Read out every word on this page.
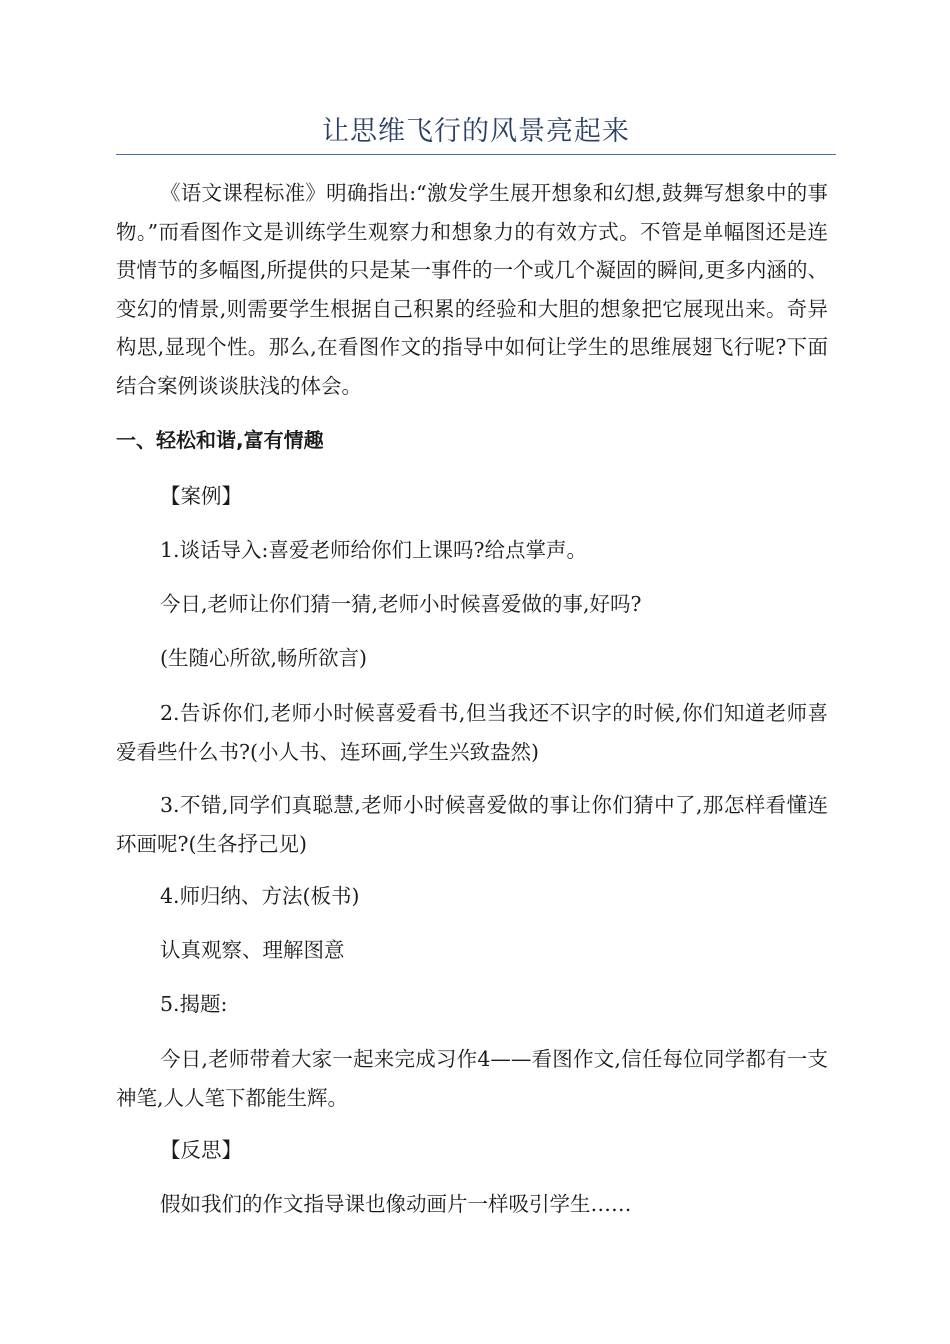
让思维飞行的风景亮起来

《语文课程标准》明确指出:“激发学生展开想象和幻想,鼓舞写想象中的事物。”而看图作文是训练学生观察力和想象力的有效方式。不管是单幅图还是连贯情节的多幅图,所提供的只是某一事件的一个或几个凝固的瞬间,更多内涵的、变幻的情景,则需要学生根据自己积累的经验和大胆的想象把它展现出来。奇异构思,显现个性。那么,在看图作文的指导中如何让学生的思维展翅飞行呢?下面结合案例谈谈肤浅的体会。

一、轻松和谐,富有情趣

【案例】

1.谈话导入:喜爱老师给你们上课吗?给点掌声。

今日,老师让你们猜一猜,老师小时候喜爱做的事,好吗?

(生随心所欲,畅所欲言)

2.告诉你们,老师小时候喜爱看书,但当我还不识字的时候,你们知道老师喜爱看些什么书?(小人书、连环画,学生兴致盎然)

3.不错,同学们真聪慧,老师小时候喜爱做的事让你们猜中了,那怎样看懂连环画呢?(生各抒己见)

4.师归纳、方法(板书)

认真观察、理解图意

5.揭题:

今日,老师带着大家一起来完成习作4——看图作文,信任每位同学都有一支神笔,人人笔下都能生辉。

【反思】

假如我们的作文指导课也像动画片一样吸引学生……
